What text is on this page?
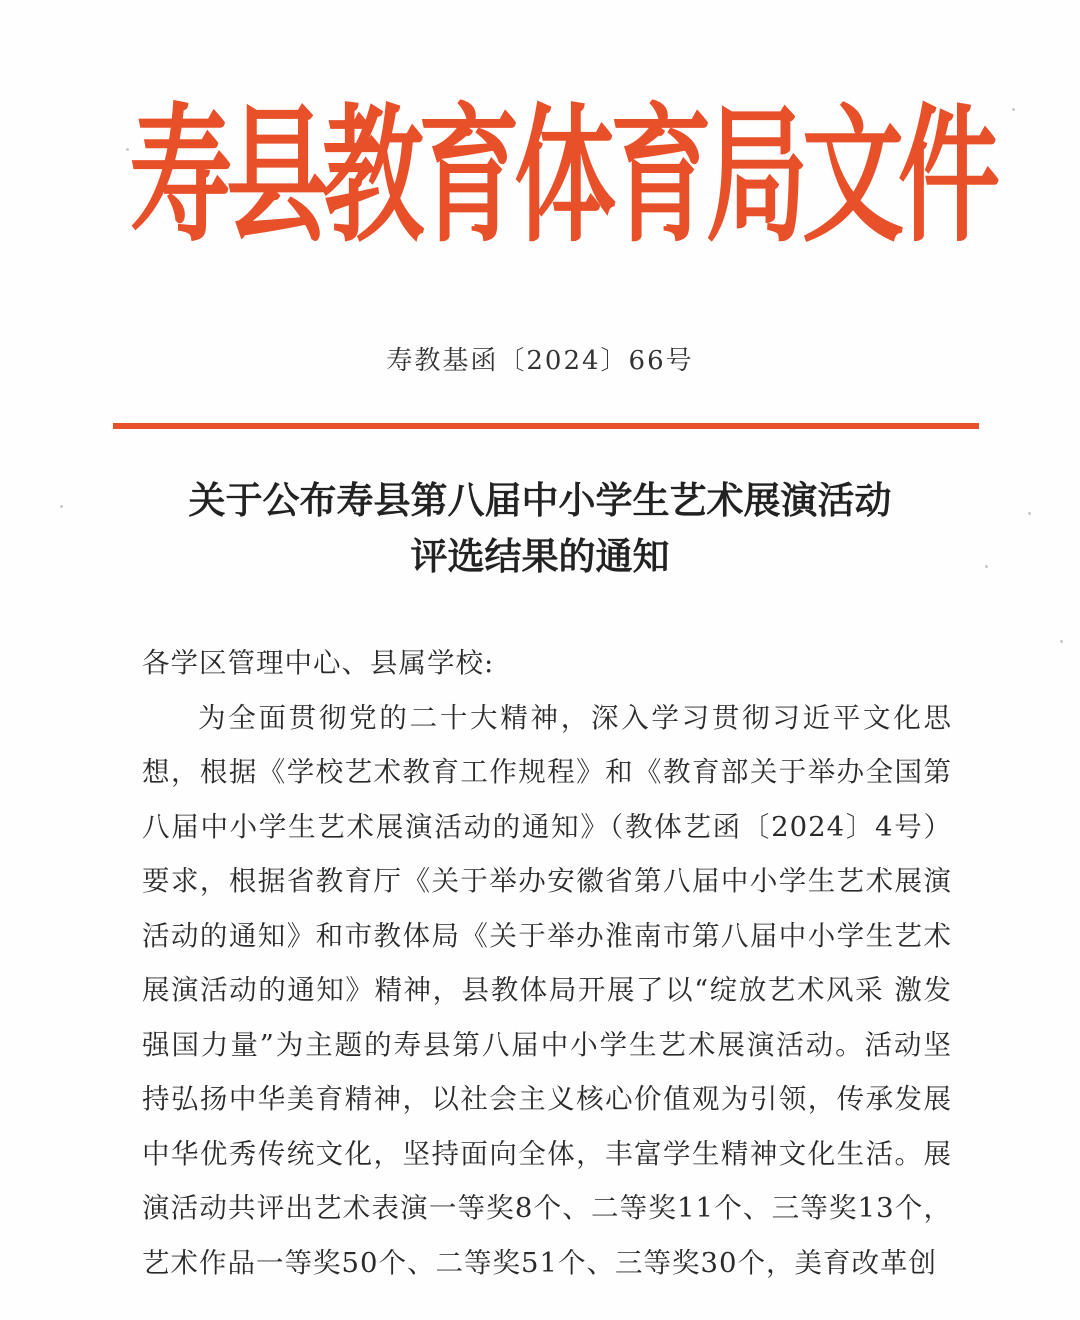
寿县教育体育局文件
寿教基函〔2024〕66号
关于公布寿县第八届中小学生艺术展演活动
评选结果的通知

各学区管理中心、县属学校:

为全面贯彻党的二十大精神，深入学习贯彻习近平文化思想，根据《学校艺术教育工作规程》和《教育部关于举办全国第八届中小学生艺术展演活动的通知》（教体艺函〔2024〕4号）要求，根据省教育厅《关于举办安徽省第八届中小学生艺术展演活动的通知》和市教体局《关于举办淮南市第八届中小学生艺术展演活动的通知》精神，县教体局开展了以“绽放艺术风采 激发强国力量”为主题的寿县第八届中小学生艺术展演活动。活动坚持弘扬中华美育精神，以社会主义核心价值观为引领，传承发展中华优秀传统文化，坚持面向全体，丰富学生精神文化生活。展演活动共评出艺术表演一等奖8个、二等奖11个、三等奖13个，艺术作品一等奖50个、二等奖51个、三等奖30个，美育改革创
